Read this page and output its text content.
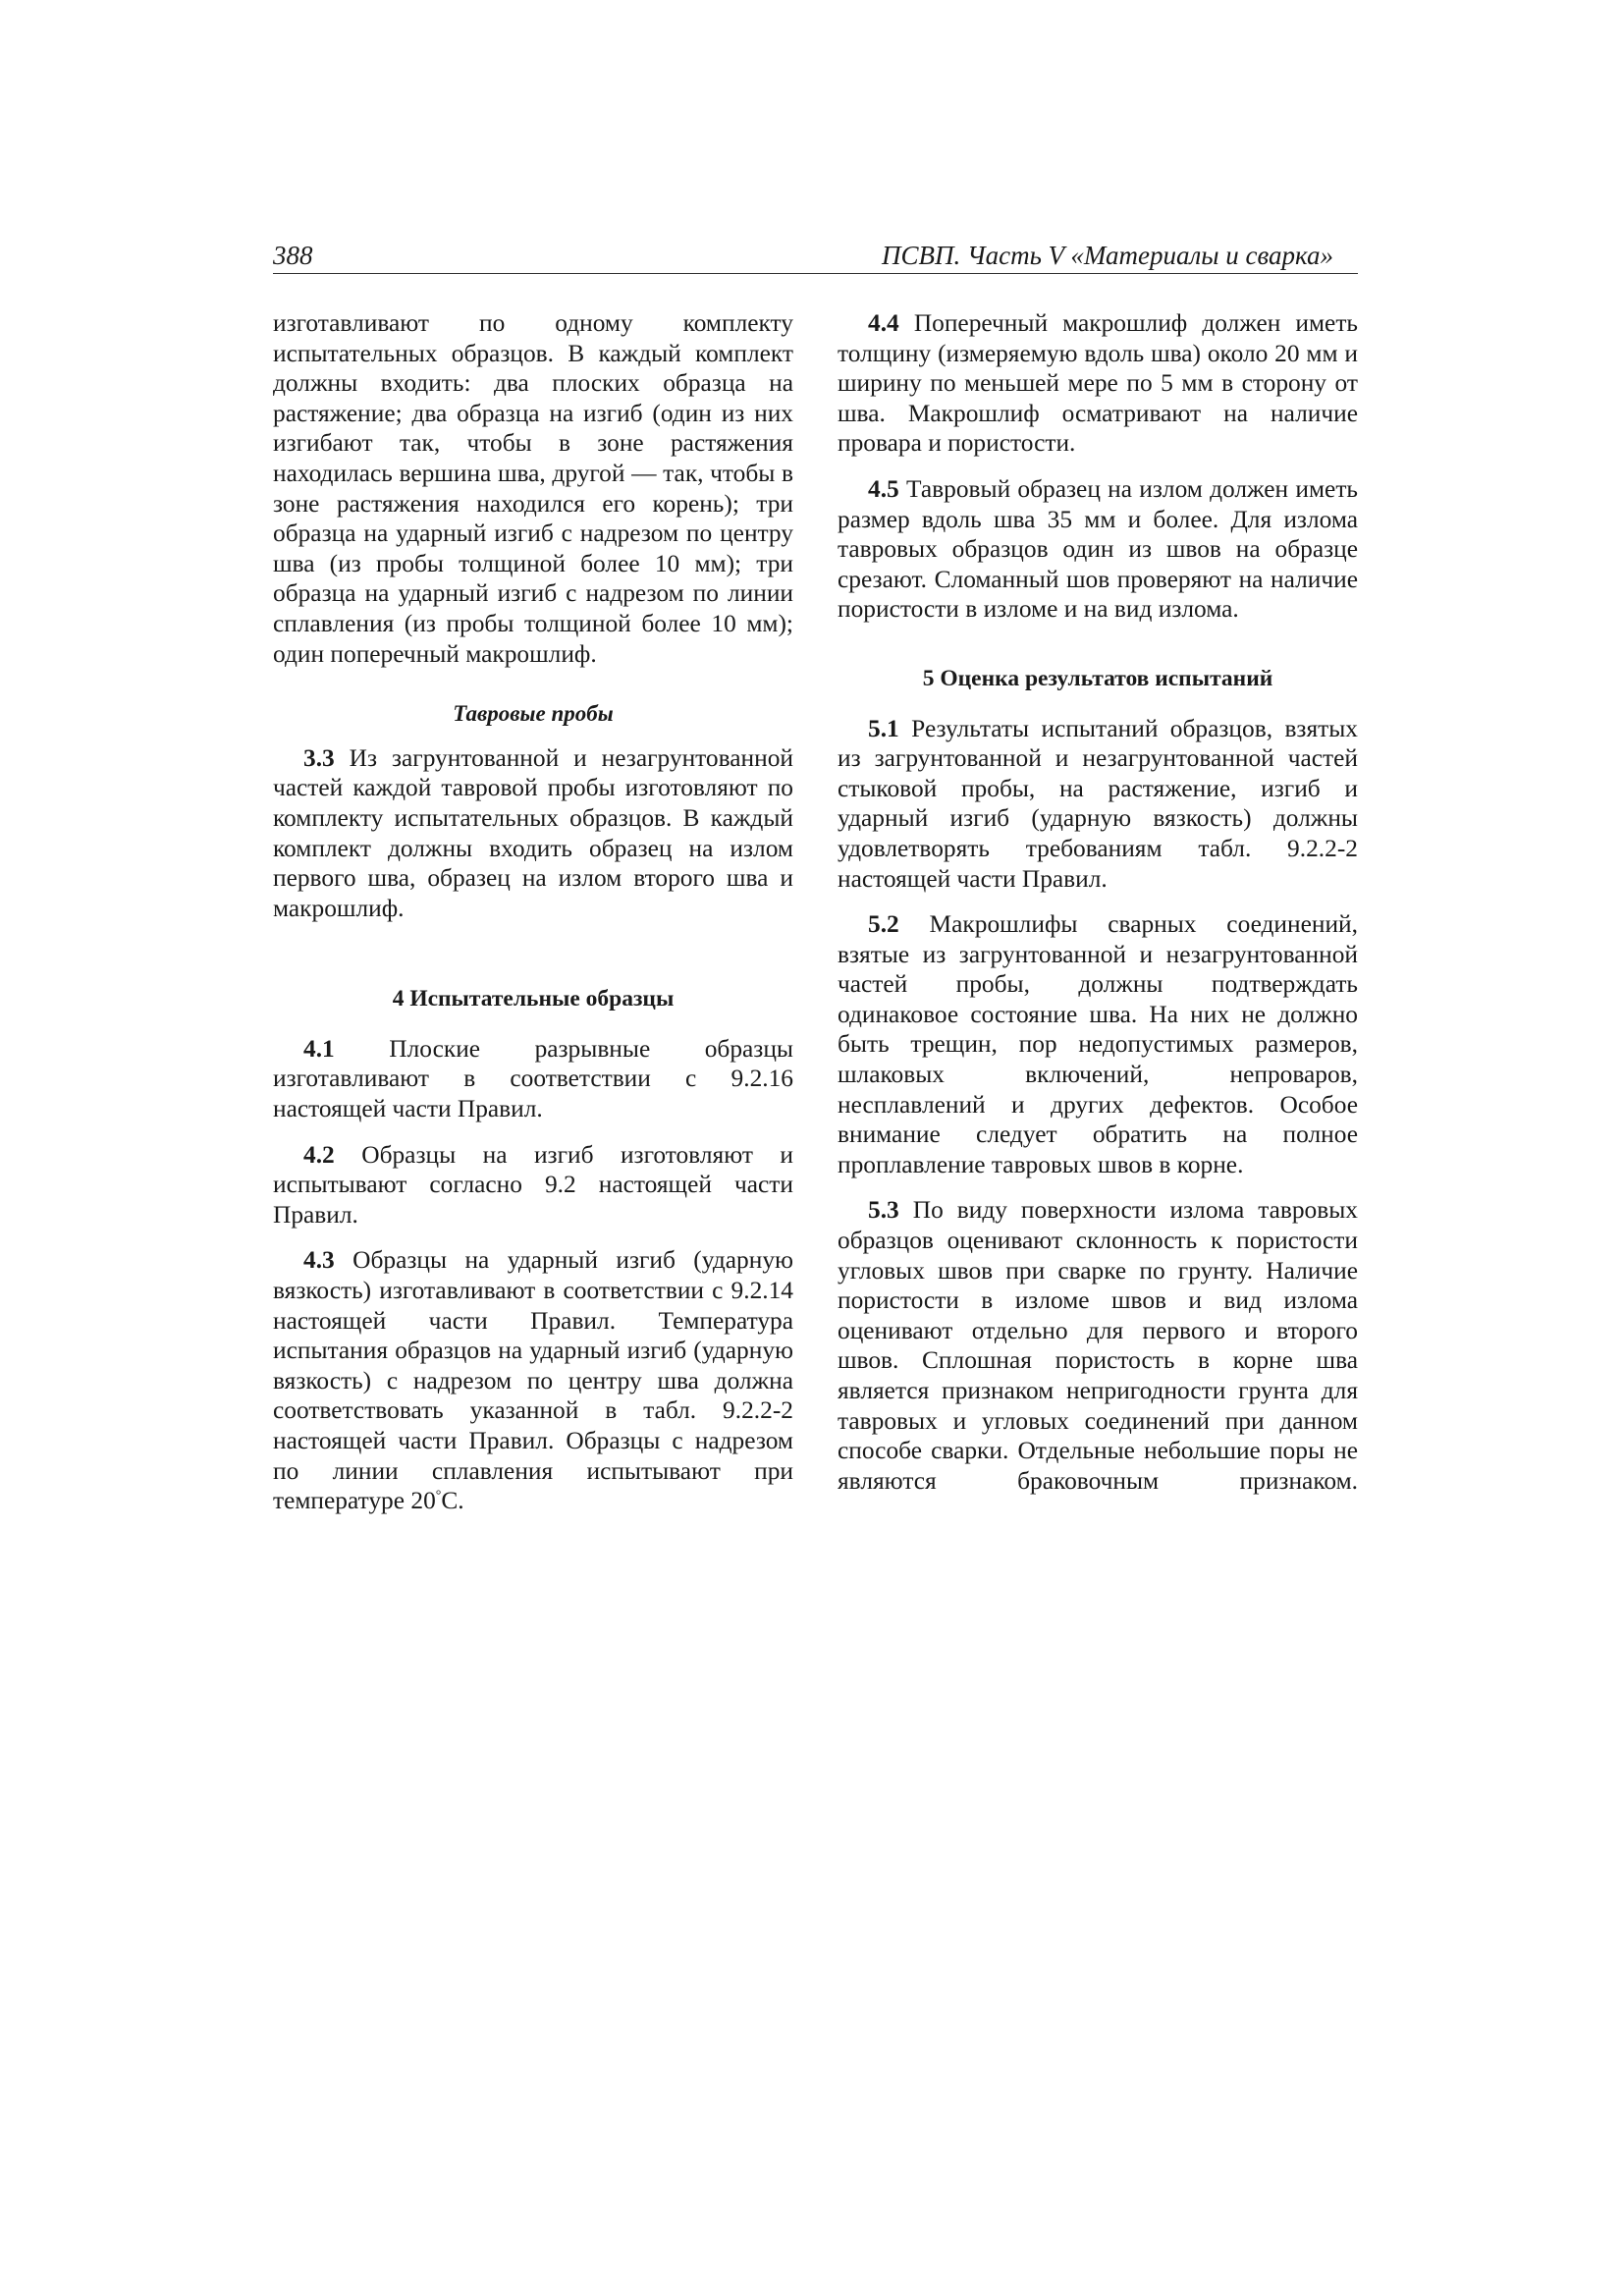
388	ПСВП. Часть V «Материалы и сварка»

изготавливают по одному комплекту испытательных образцов. В каждый комплект должны входить: два плоских образца на растяжение; два образца на изгиб (один из них изгибают так, чтобы в зоне растяжения находилась вершина шва, другой — так, чтобы в зоне растяжения находился его корень); три образца на ударный изгиб с надрезом по центру шва (из пробы толщиной более 10 мм); три образца на ударный изгиб с надрезом по линии сплавления (из пробы толщиной более 10 мм); один поперечный макрошлиф.

Тавровые пробы

3.3 Из загрунтованной и незагрунтованной частей каждой тавровой пробы изготовляют по комплекту испытательных образцов. В каждый комплект должны входить образец на излом первого шва, образец на излом второго шва и макрошлиф.

4 Испытательные образцы

4.1 Плоские разрывные образцы изготавливают в соответствии с 9.2.16 настоящей части Правил.

4.2 Образцы на изгиб изготовляют и испытывают согласно 9.2 настоящей части Правил.

4.3 Образцы на ударный изгиб (ударную вязкость) изготавливают в соответствии с 9.2.14 настоящей части Правил. Температура испытания образцов на ударный изгиб (ударную вязкость) с надрезом по центру шва должна соответствовать указанной в табл. 9.2.2-2 настоящей части Правил. Образцы с надрезом по линии сплавления испытывают при температуре 20°С.

4.4 Поперечный макрошлиф должен иметь толщину (измеряемую вдоль шва) около 20 мм и ширину по меньшей мере по 5 мм в сторону от шва. Макрошлиф осматривают на наличие провара и пористости.

4.5 Тавровый образец на излом должен иметь размер вдоль шва 35 мм и более. Для излома тавровых образцов один из швов на образце срезают. Сломанный шов проверяют на наличие пористости в изломе и на вид излома.

5 Оценка результатов испытаний

5.1 Результаты испытаний образцов, взятых из загрунтованной и незагрунтованной частей стыковой пробы, на растяжение, изгиб и ударный изгиб (ударную вязкость) должны удовлетворять требованиям табл. 9.2.2-2 настоящей части Правил.

5.2 Макрошлифы сварных соединений, взятые из загрунтованной и незагрунтованной частей пробы, должны подтверждать одинаковое состояние шва. На них не должно быть трещин, пор недопустимых размеров, шлаковых включений, непроваров, несплавлений и других дефектов. Особое внимание следует обратить на полное проплавление тавровых швов в корне.

5.3 По виду поверхности излома тавровых образцов оценивают склонность к пористости угловых швов при сварке по грунту. Наличие пористости в изломе швов и вид излома оценивают отдельно для первого и второго швов. Сплошная пористость в корне шва является признаком непригодности грунта для тавровых и угловых соединений при данном способе сварки. Отдельные небольшие поры не являются браковочным признаком.
